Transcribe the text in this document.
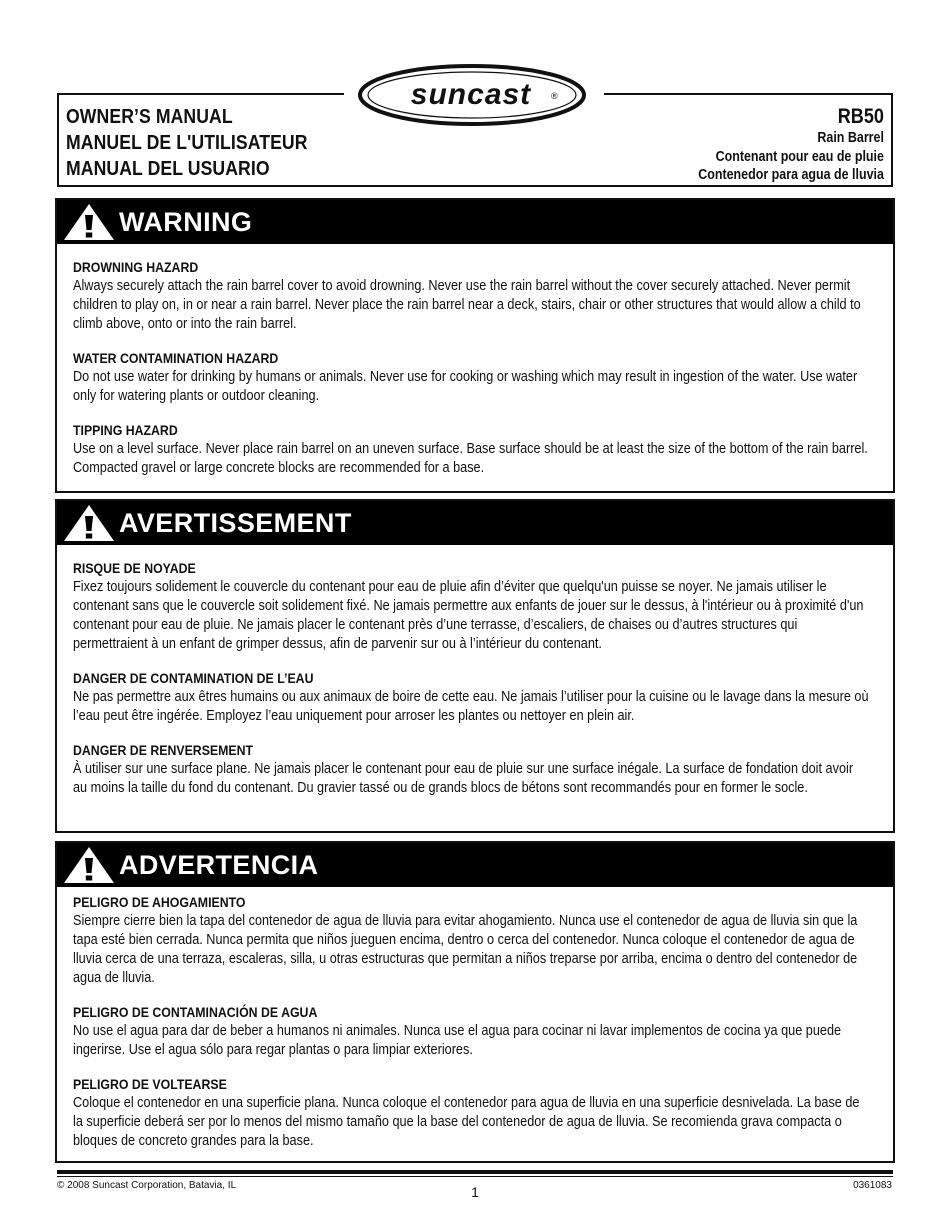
suncast ®
OWNER’S MANUAL
MANUEL DE L'UTILISATEUR
MANUAL DEL USUARIO
RB50
Rain Barrel
Contenant pour eau de pluie
Contenedor para agua de lluvia
WARNING
DROWNING HAZARD

Always securely attach the rain barrel cover to avoid drowning. Never use the rain barrel without the cover securely attached. Never permit children to play on, in or near a rain barrel. Never place the rain barrel near a deck, stairs, chair or other structures that would allow a child to climb above, onto or into the rain barrel.

WATER CONTAMINATION HAZARD

Do not use water for drinking by humans or animals. Never use for cooking or washing which may result in ingestion of the water. Use water only for watering plants or outdoor cleaning.

TIPPING HAZARD

Use on a level surface. Never place rain barrel on an uneven surface. Base surface should be at least the size of the bottom of the rain barrel. Compacted gravel or large concrete blocks are recommended for a base.

AVERTISSEMENT
RISQUE DE NOYADE

Fixez toujours solidement le couvercle du contenant pour eau de pluie afin d’éviter que quelqu'un puisse se noyer. Ne jamais utiliser le contenant sans que le couvercle soit solidement fixé. Ne jamais permettre aux enfants de jouer sur le dessus, à l'intérieur ou à proximité d'un contenant pour eau de pluie. Ne jamais placer le contenant près d’une terrasse, d’escaliers, de chaises ou d’autres structures qui permettraient à un enfant de grimper dessus, afin de parvenir sur ou à l’intérieur du contenant.

DANGER DE CONTAMINATION DE L’EAU

Ne pas permettre aux êtres humains ou aux animaux de boire de cette eau. Ne jamais l’utiliser pour la cuisine ou le lavage dans la mesure où l’eau peut être ingérée. Employez l’eau uniquement pour arroser les plantes ou nettoyer en plein air.

DANGER DE RENVERSEMENT

À utiliser sur une surface plane. Ne jamais placer le contenant pour eau de pluie sur une surface inégale. La surface de fondation doit avoir au moins la taille du fond du contenant. Du gravier tassé ou de grands blocs de bétons sont recommandés pour en former le socle.

ADVERTENCIA
PELIGRO DE AHOGAMIENTO

Siempre cierre bien la tapa del contenedor de agua de lluvia para evitar ahogamiento. Nunca use el contenedor de agua de lluvia sin que la tapa esté bien cerrada. Nunca permita que niños jueguen encima, dentro o cerca del contenedor. Nunca coloque el contenedor de agua de lluvia cerca de una terraza, escaleras, silla, u otras estructuras que permitan a niños treparse por arriba, encima o dentro del contenedor de agua de lluvia.

PELIGRO DE CONTAMINACIÓN DE AGUA

No use el agua para dar de beber a humanos ni animales. Nunca use el agua para cocinar ni lavar implementos de cocina ya que puede ingerirse. Use el agua sólo para regar plantas o para limpiar exteriores.

PELIGRO DE VOLTEARSE

Coloque el contenedor en una superficie plana. Nunca coloque el contenedor para agua de lluvia en una superficie desnivelada. La base de la superficie deberá ser por lo menos del mismo tamaño que la base del contenedor de agua de lluvia. Se recomienda grava compacta o bloques de concreto grandes para la base.

© 2008 Suncast Corporation, Batavia, IL	1	0361083
